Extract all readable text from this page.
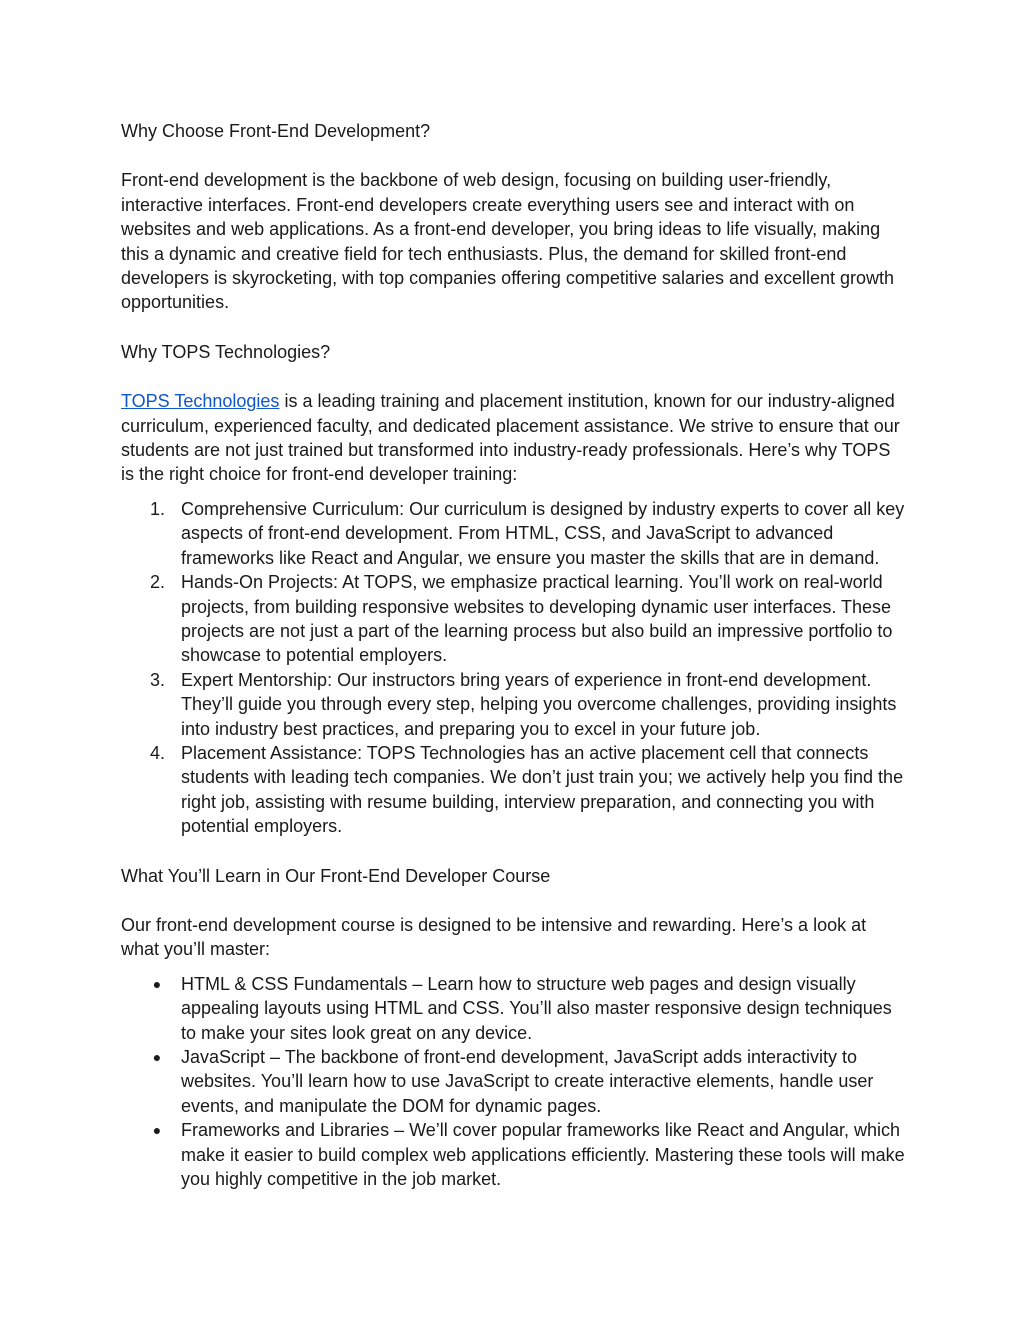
Why Choose Front-End Development?

Front-end development is the backbone of web design, focusing on building user-friendly, interactive interfaces. Front-end developers create everything users see and interact with on websites and web applications. As a front-end developer, you bring ideas to life visually, making this a dynamic and creative field for tech enthusiasts. Plus, the demand for skilled front-end developers is skyrocketing, with top companies offering competitive salaries and excellent growth opportunities.

Why TOPS Technologies?

TOPS Technologies is a leading training and placement institution, known for our industry-aligned curriculum, experienced faculty, and dedicated placement assistance. We strive to ensure that our students are not just trained but transformed into industry-ready professionals. Here’s why TOPS is the right choice for front-end developer training:

1. Comprehensive Curriculum: Our curriculum is designed by industry experts to cover all key aspects of front-end development. From HTML, CSS, and JavaScript to advanced frameworks like React and Angular, we ensure you master the skills that are in demand.
2. Hands-On Projects: At TOPS, we emphasize practical learning. You’ll work on real-world projects, from building responsive websites to developing dynamic user interfaces. These projects are not just a part of the learning process but also build an impressive portfolio to showcase to potential employers.
3. Expert Mentorship: Our instructors bring years of experience in front-end development. They’ll guide you through every step, helping you overcome challenges, providing insights into industry best practices, and preparing you to excel in your future job.
4. Placement Assistance: TOPS Technologies has an active placement cell that connects students with leading tech companies. We don’t just train you; we actively help you find the right job, assisting with resume building, interview preparation, and connecting you with potential employers.

What You’ll Learn in Our Front-End Developer Course

Our front-end development course is designed to be intensive and rewarding. Here’s a look at what you’ll master:

● HTML & CSS Fundamentals – Learn how to structure web pages and design visually appealing layouts using HTML and CSS. You’ll also master responsive design techniques to make your sites look great on any device.
● JavaScript – The backbone of front-end development, JavaScript adds interactivity to websites. You’ll learn how to use JavaScript to create interactive elements, handle user events, and manipulate the DOM for dynamic pages.
● Frameworks and Libraries – We’ll cover popular frameworks like React and Angular, which make it easier to build complex web applications efficiently. Mastering these tools will make you highly competitive in the job market.
